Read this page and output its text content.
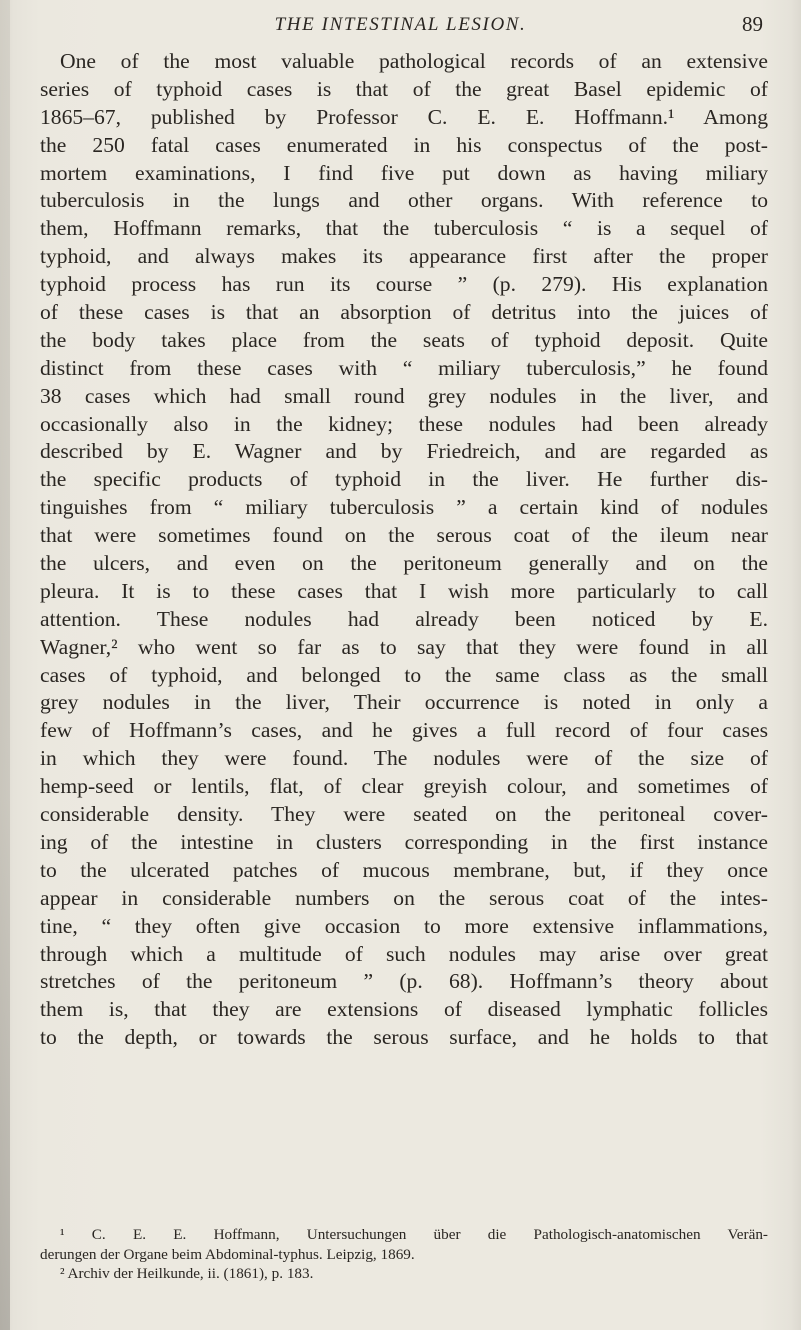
THE INTESTINAL LESION.	89
One of the most valuable pathological records of an extensive
series of typhoid cases is that of the great Basel epidemic of
1865–67, published by Professor C. E. E. Hoffmann.¹ Among
the 250 fatal cases enumerated in his conspectus of the post-
mortem examinations, I find five put down as having miliary
tuberculosis in the lungs and other organs. With reference to
them, Hoffmann remarks, that the tuberculosis “ is a sequel of
typhoid, and always makes its appearance first after the proper
typhoid process has run its course ” (p. 279). His explanation
of these cases is that an absorption of detritus into the juices of
the body takes place from the seats of typhoid deposit. Quite
distinct from these cases with “ miliary tuberculosis,” he found
38 cases which had small round grey nodules in the liver, and
occasionally also in the kidney; these nodules had been already
described by E. Wagner and by Friedreich, and are regarded as
the specific products of typhoid in the liver. He further dis-
tinguishes from “ miliary tuberculosis ” a certain kind of nodules
that were sometimes found on the serous coat of the ileum near
the ulcers, and even on the peritoneum generally and on the
pleura. It is to these cases that I wish more particularly to call
attention. These nodules had already been noticed by E.
Wagner,² who went so far as to say that they were found in all
cases of typhoid, and belonged to the same class as the small
grey nodules in the liver, Their occurrence is noted in only a
few of Hoffmann’s cases, and he gives a full record of four cases
in which they were found. The nodules were of the size of
hemp-seed or lentils, flat, of clear greyish colour, and sometimes of
considerable density. They were seated on the peritoneal cover-
ing of the intestine in clusters corresponding in the first instance
to the ulcerated patches of mucous membrane, but, if they once
appear in considerable numbers on the serous coat of the intes-
tine, “ they often give occasion to more extensive inflammations,
through which a multitude of such nodules may arise over great
stretches of the peritoneum ” (p. 68). Hoffmann’s theory about
them is, that they are extensions of diseased lymphatic follicles
to the depth, or towards the serous surface, and he holds to that
¹ C. E. E. Hoffmann, Untersuchungen über die Pathologisch-anatomischen Verän-
derungen der Organe beim Abdominal-typhus. Leipzig, 1869.
² Archiv der Heilkunde, ii. (1861), p. 183.
